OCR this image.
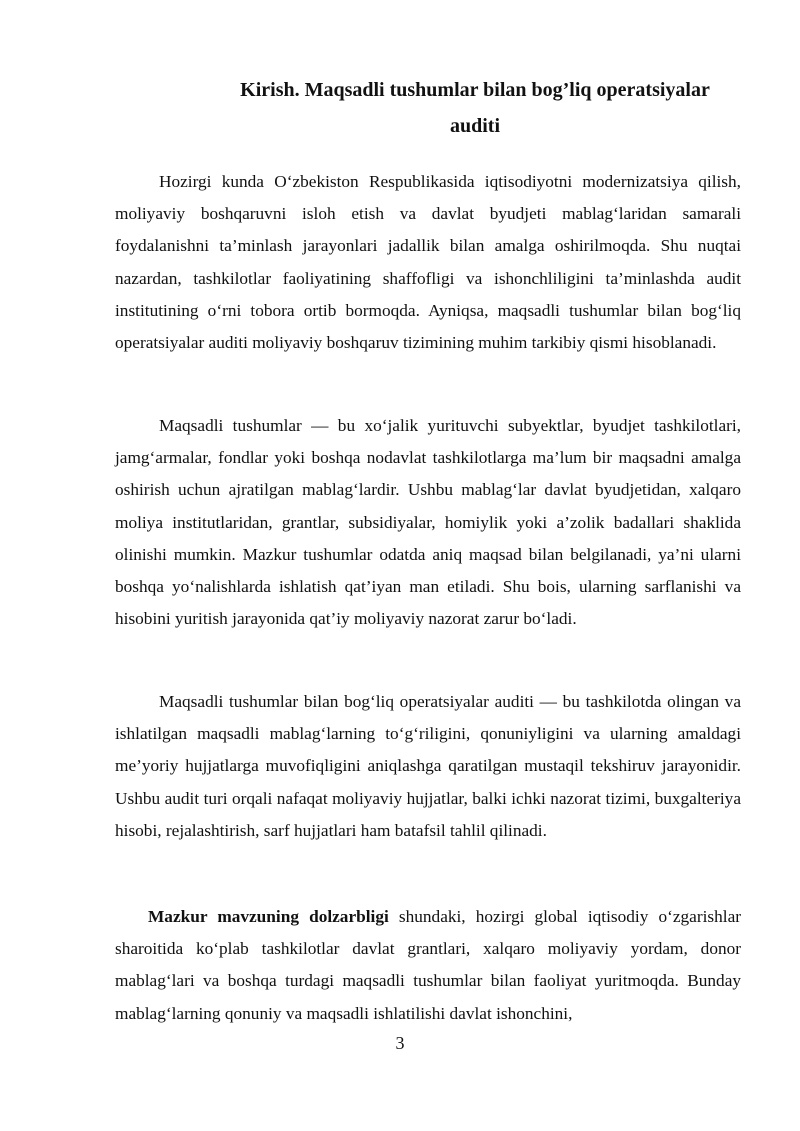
Kirish. Maqsadli tushumlar bilan bog’liq operatsiyalar
auditi

Hozirgi kunda O‘zbekiston Respublikasida iqtisodiyotni modernizatsiya qilish, moliyaviy boshqaruvni isloh etish va davlat byudjeti mablag‘laridan samarali foydalanishni ta’minlash jarayonlari jadallik bilan amalga oshirilmoqda. Shu nuqtai nazardan, tashkilotlar faoliyatining shaffofligi va ishonchliligini ta’minlashda audit institutining o‘rni tobora ortib bormoqda. Ayniqsa, maqsadli tushumlar bilan bog‘liq operatsiyalar auditi moliyaviy boshqaruv tizimining muhim tarkibiy qismi hisoblanadi.

Maqsadli tushumlar — bu xo‘jalik yurituvchi subyektlar, byudjet tashkilotlari, jamg‘armalar, fondlar yoki boshqa nodavlat tashkilotlarga ma’lum bir maqsadni amalga oshirish uchun ajratilgan mablag‘lardir. Ushbu mablag‘lar davlat byudjetidan, xalqaro moliya institutlaridan, grantlar, subsidiyalar, homiylik yoki a’zolik badallari shaklida olinishi mumkin. Mazkur tushumlar odatda aniq maqsad bilan belgilanadi, ya’ni ularni boshqa yo‘nalishlarda ishlatish qat’iyan man etiladi. Shu bois, ularning sarflanishi va hisobini yuritish jarayonida qat’iy moliyaviy nazorat zarur bo‘ladi.

Maqsadli tushumlar bilan bog‘liq operatsiyalar auditi — bu tashkilotda olingan va ishlatilgan maqsadli mablag‘larning to‘g‘riligini, qonuniyligini va ularning amaldagi me’yoriy hujjatlarga muvofiqligini aniqlashga qaratilgan mustaqil tekshiruv jarayonidir. Ushbu audit turi orqali nafaqat moliyaviy hujjatlar, balki ichki nazorat tizimi, buxgalteriya hisobi, rejalashtirish, sarf hujjatlari ham batafsil tahlil qilinadi.

Mazkur mavzuning dolzarbligi shundaki, hozirgi global iqtisodiy o‘zgarishlar sharoitida ko‘plab tashkilotlar davlat grantlari, xalqaro moliyaviy yordam, donor mablag‘lari va boshqa turdagi maqsadli tushumlar bilan faoliyat yuritmoqda. Bunday mablag‘larning qonuniy va maqsadli ishlatilishi davlat ishonchini,

3
